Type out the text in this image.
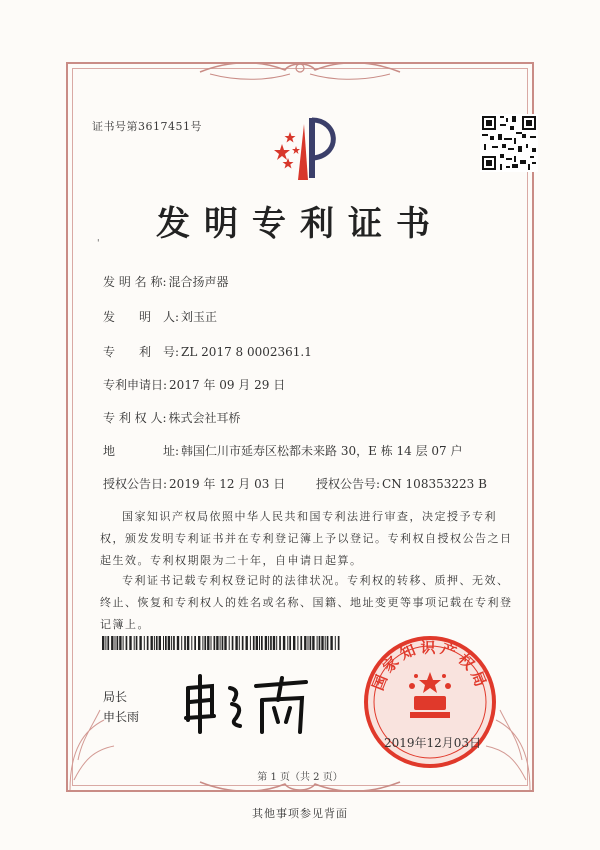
证书号第3617451号
发明专利证书
'
发 明 名 称: 混合扬声器
发　　明　人: 刘玉正
专　　利　号: ZL 2017 8 0002361.1
专利申请日: 2017 年 09 月 29 日
专 利 权 人: 株式会社耳桥
地　　　　址: 韩国仁川市延寿区松都未来路 30，E 栋 14 层 07 户
授权公告日: 2019 年 12 月 03 日	授权公告号: CN 108353223 B
国家知识产权局依照中华人民共和国专利法进行审查，决定授予专利权，颁发发明专利证书并在专利登记簿上予以登记。专利权自授权公告之日起生效。专利权期限为二十年，自申请日起算。
专利证书记载专利权登记时的法律状况。专利权的转移、质押、无效、终止、恢复和专利权人的姓名或名称、国籍、地址变更等事项记载在专利登记簿上。
局长
申长雨
国家知识产权局
2019年12月03日
第 1 页（共 2 页）
其他事项参见背面
